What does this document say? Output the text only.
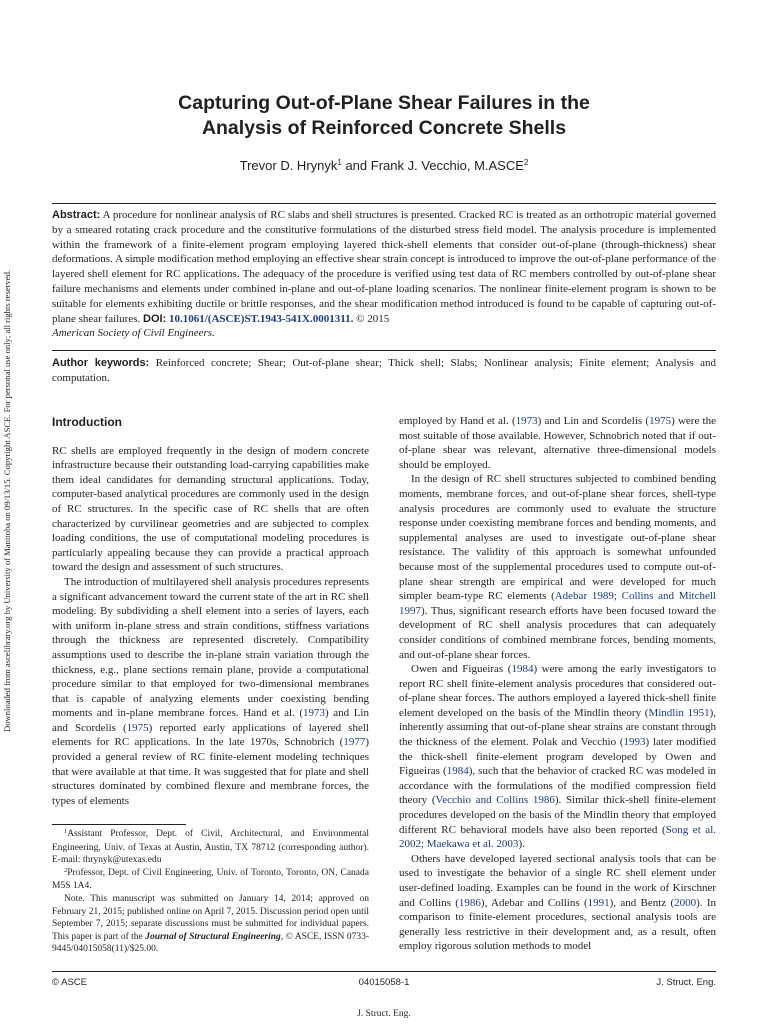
Capturing Out-of-Plane Shear Failures in the
Analysis of Reinforced Concrete Shells
Trevor D. Hrynyk$^1$ and Frank J. Vecchio, M.ASCE$^2$
Abstract: A procedure for nonlinear analysis of RC slabs and shell structures is presented. Cracked RC is treated as an orthotropic material governed by a smeared rotating crack procedure and the constitutive formulations of the disturbed stress field model. The analysis procedure is implemented within the framework of a finite-element program employing layered thick-shell elements that consider out-of-plane (through-thickness) shear deformations. A simple modification method employing an effective shear strain concept is introduced to improve the out-of-plane performance of the layered shell element for RC applications. The adequacy of the procedure is verified using test data of RC members controlled by out-of-plane shear failure mechanisms and elements under combined in-plane and out-of-plane loading scenarios. The nonlinear finite-element program is shown to be suitable for elements exhibiting ductile or brittle responses, and the shear modification method introduced is found to be capable of capturing out-of-plane shear failures. DOI: 10.1061/(ASCE)ST.1943-541X.0001311. © 2015
American Society of Civil Engineers.
Author keywords: Reinforced concrete; Shear; Out-of-plane shear; Thick shell; Slabs; Nonlinear analysis; Finite element; Analysis and computation.
Introduction

RC shells are employed frequently in the design of modern concrete infrastructure because their outstanding load-carrying capabilities make them ideal candidates for demanding structural applications. Today, computer-based analytical procedures are commonly used in the design of RC structures. In the specific case of RC shells that are often characterized by curvilinear geometries and are subjected to complex loading conditions, the use of computational modeling procedures is particularly appealing because they can provide a practical approach toward the design and assessment of such structures.

The introduction of multilayered shell analysis procedures represents a significant advancement toward the current state of the art in RC shell modeling. By subdividing a shell element into a series of layers, each with uniform in-plane stress and strain conditions, stiffness variations through the thickness are represented discretely. Compatibility assumptions used to describe the in-plane strain variation through the thickness, e.g., plane sections remain plane, provide a computational procedure similar to that employed for two-dimensional membranes that is capable of analyzing elements under coexisting bending moments and in-plane membrane forces. Hand et al. (1973) and Lin and Scordelis (1975) reported early applications of layered shell elements for RC applications. In the late 1970s, Schnobrich (1977) provided a general review of RC finite-element modeling techniques that were available at that time. It was suggested that for plate and shell structures dominated by combined flexure and membrane forces, the types of elements

$^1$Assistant Professor, Dept. of Civil, Architectural, and Environmental Engineering, Univ. of Texas at Austin, Austin, TX 78712 (corresponding author). E-mail: thrynyk@utexas.edu

$^2$Professor, Dept. of Civil Engineering, Univ. of Toronto, Toronto, ON, Canada M5S 1A4.

Note. This manuscript was submitted on January 14, 2014; approved on February 21, 2015; published online on April 7, 2015. Discussion period open until September 7, 2015; separate discussions must be submitted for individual papers. This paper is part of the Journal of Structural Engineering, © ASCE, ISSN 0733-9445/04015058(11)/$25.00.

employed by Hand et al. (1973) and Lin and Scordelis (1975) were the most suitable of those available. However, Schnobrich noted that if out-of-plane shear was relevant, alternative three-dimensional models should be employed.

In the design of RC shell structures subjected to combined bending moments, membrane forces, and out-of-plane shear forces, shell-type analysis procedures are commonly used to evaluate the structure response under coexisting membrane forces and bending moments, and supplemental analyses are used to investigate out-of-plane shear resistance. The validity of this approach is somewhat unfounded because most of the supplemental procedures used to compute out-of-plane shear strength are empirical and were developed for much simpler beam-type RC elements (Adebar 1989; Collins and Mitchell 1997). Thus, significant research efforts have been focused toward the development of RC shell analysis procedures that can adequately consider conditions of combined membrane forces, bending moments, and out-of-plane shear forces.

Owen and Figueiras (1984) were among the early investigators to report RC shell finite-element analysis procedures that considered out-of-plane shear forces. The authors employed a layered thick-shell finite element developed on the basis of the Mindlin theory (Mindlin 1951), inherently assuming that out-of-plane shear strains are constant through the thickness of the element. Polak and Vecchio (1993) later modified the thick-shell finite-element program developed by Owen and Figueiras (1984), such that the behavior of cracked RC was modeled in accordance with the formulations of the modified compression field theory (Vecchio and Collins 1986). Similar thick-shell finite-element procedures developed on the basis of the Mindlin theory that employed different RC behavioral models have also been reported (Song et al. 2002; Maekawa et al. 2003).

Others have developed layered sectional analysis tools that can be used to investigate the behavior of a single RC shell element under user-defined loading. Examples can be found in the work of Kirschner and Collins (1986), Adebar and Collins (1991), and Bentz (2000). In comparison to finite-element procedures, sectional analysis tools are generally less restrictive in their development and, as a result, often employ rigorous solution methods to model

© ASCE	04015058-1	J. Struct. Eng.
J. Struct. Eng.
Downloaded from ascelibrary.org by University of Manitoba on 09/13/15. Copyright ASCE. For personal use only; all rights reserved.
